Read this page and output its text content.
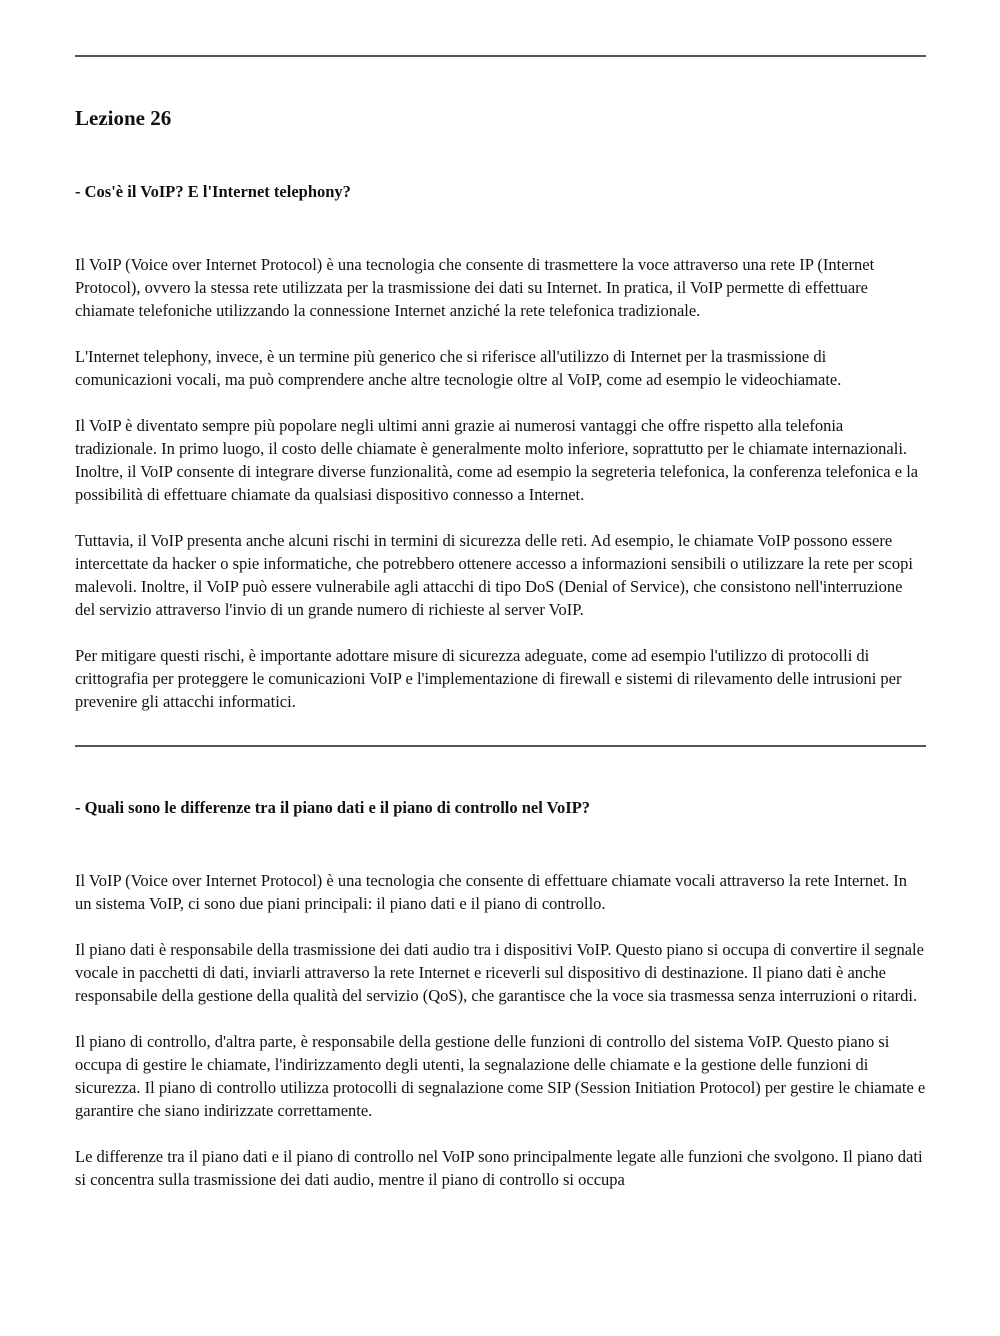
Lezione 26
- Cos'è il VoIP? E l'Internet telephony?

Il VoIP (Voice over Internet Protocol) è una tecnologia che consente di trasmettere la voce attraverso una rete IP (Internet Protocol), ovvero la stessa rete utilizzata per la trasmissione dei dati su Internet. In pratica, il VoIP permette di effettuare chiamate telefoniche utilizzando la connessione Internet anziché la rete telefonica tradizionale.

L'Internet telephony, invece, è un termine più generico che si riferisce all'utilizzo di Internet per la trasmissione di comunicazioni vocali, ma può comprendere anche altre tecnologie oltre al VoIP, come ad esempio le videochiamate.

Il VoIP è diventato sempre più popolare negli ultimi anni grazie ai numerosi vantaggi che offre rispetto alla telefonia tradizionale. In primo luogo, il costo delle chiamate è generalmente molto inferiore, soprattutto per le chiamate internazionali. Inoltre, il VoIP consente di integrare diverse funzionalità, come ad esempio la segreteria telefonica, la conferenza telefonica e la possibilità di effettuare chiamate da qualsiasi dispositivo connesso a Internet.

Tuttavia, il VoIP presenta anche alcuni rischi in termini di sicurezza delle reti. Ad esempio, le chiamate VoIP possono essere intercettate da hacker o spie informatiche, che potrebbero ottenere accesso a informazioni sensibili o utilizzare la rete per scopi malevoli. Inoltre, il VoIP può essere vulnerabile agli attacchi di tipo DoS (Denial of Service), che consistono nell'interruzione del servizio attraverso l'invio di un grande numero di richieste al server VoIP.

Per mitigare questi rischi, è importante adottare misure di sicurezza adeguate, come ad esempio l'utilizzo di protocolli di crittografia per proteggere le comunicazioni VoIP e l'implementazione di firewall e sistemi di rilevamento delle intrusioni per prevenire gli attacchi informatici.

- Quali sono le differenze tra il piano dati e il piano di controllo nel VoIP?

Il VoIP (Voice over Internet Protocol) è una tecnologia che consente di effettuare chiamate vocali attraverso la rete Internet. In un sistema VoIP, ci sono due piani principali: il piano dati e il piano di controllo.

Il piano dati è responsabile della trasmissione dei dati audio tra i dispositivi VoIP. Questo piano si occupa di convertire il segnale vocale in pacchetti di dati, inviarli attraverso la rete Internet e riceverli sul dispositivo di destinazione. Il piano dati è anche responsabile della gestione della qualità del servizio (QoS), che garantisce che la voce sia trasmessa senza interruzioni o ritardi.

Il piano di controllo, d'altra parte, è responsabile della gestione delle funzioni di controllo del sistema VoIP. Questo piano si occupa di gestire le chiamate, l'indirizzamento degli utenti, la segnalazione delle chiamate e la gestione delle funzioni di sicurezza. Il piano di controllo utilizza protocolli di segnalazione come SIP (Session Initiation Protocol) per gestire le chiamate e garantire che siano indirizzate correttamente.

Le differenze tra il piano dati e il piano di controllo nel VoIP sono principalmente legate alle funzioni che svolgono. Il piano dati si concentra sulla trasmissione dei dati audio, mentre il piano di controllo si occupa
